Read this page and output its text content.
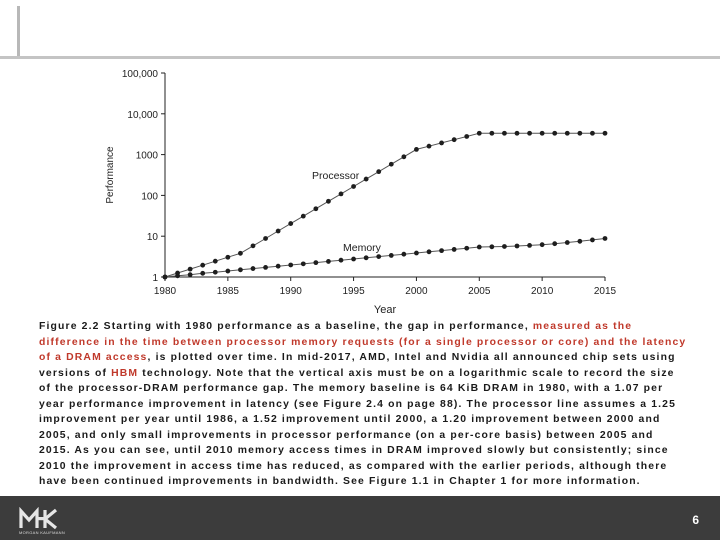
1
10
100
1000
10,000
100,000
1980	1985	1990	1995	2000	2005	2010	2015
Performance
Year
Processor
Memory

Figure 2.2 Starting with 1980 performance as a baseline, the gap in performance, measured as the difference in the time between processor memory requests (for a single processor or core) and the latency of a DRAM access, is plotted over time. In mid-2017, AMD, Intel and Nvidia all announced chip sets using versions of HBM technology. Note that the vertical axis must be on a logarithmic scale to record the size of the processor-DRAM performance gap. The memory baseline is 64 KiB DRAM in 1980, with a 1.07 per year performance improvement in latency (see Figure 2.4 on page 88). The processor line assumes a 1.25 improvement per year until 1986, a 1.52 improvement until 2000, a 1.20 improvement between 2000 and 2005, and only small improvements in processor performance (on a per-core basis) between 2005 and 2015. As you can see, until 2010 memory access times in DRAM improved slowly but consistently; since 2010 the improvement in access time has reduced, as compared with the earlier periods, although there have been continued improvements in bandwidth. See Figure 1.1 in Chapter 1 for more information.

MORGAN KAUFMANN
6
